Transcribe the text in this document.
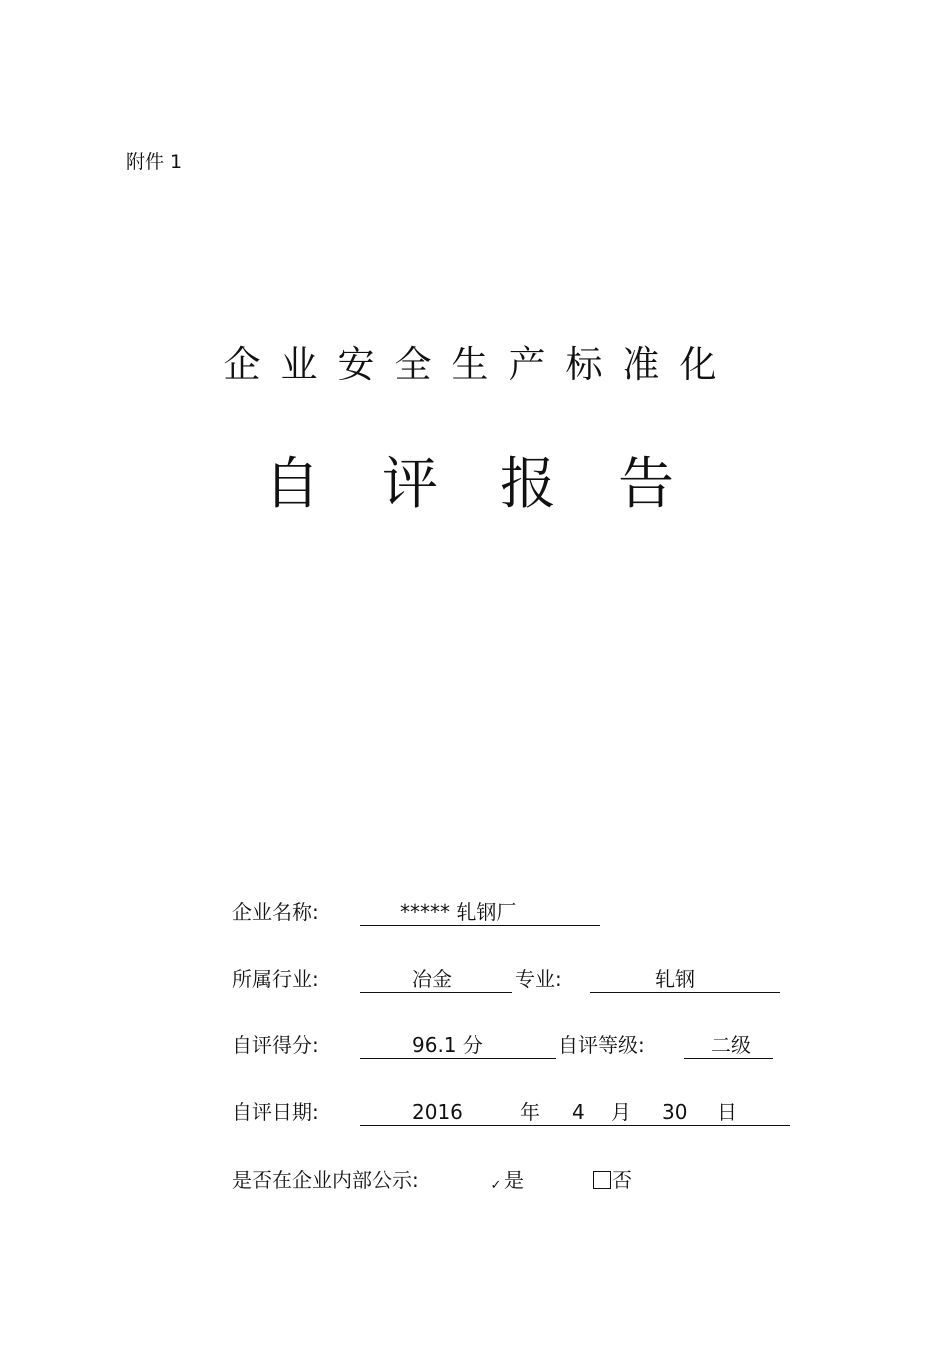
附件 1
企业安全生产标准化
自评报告
企业名称:	***** 轧钢厂
所属行业:	冶金	专业:	轧钢
自评得分:	96.1 分	自评等级:	二级
自评日期:	2016	年 4 月 30 日
是否在企业内部公示:	✓ 是	否
